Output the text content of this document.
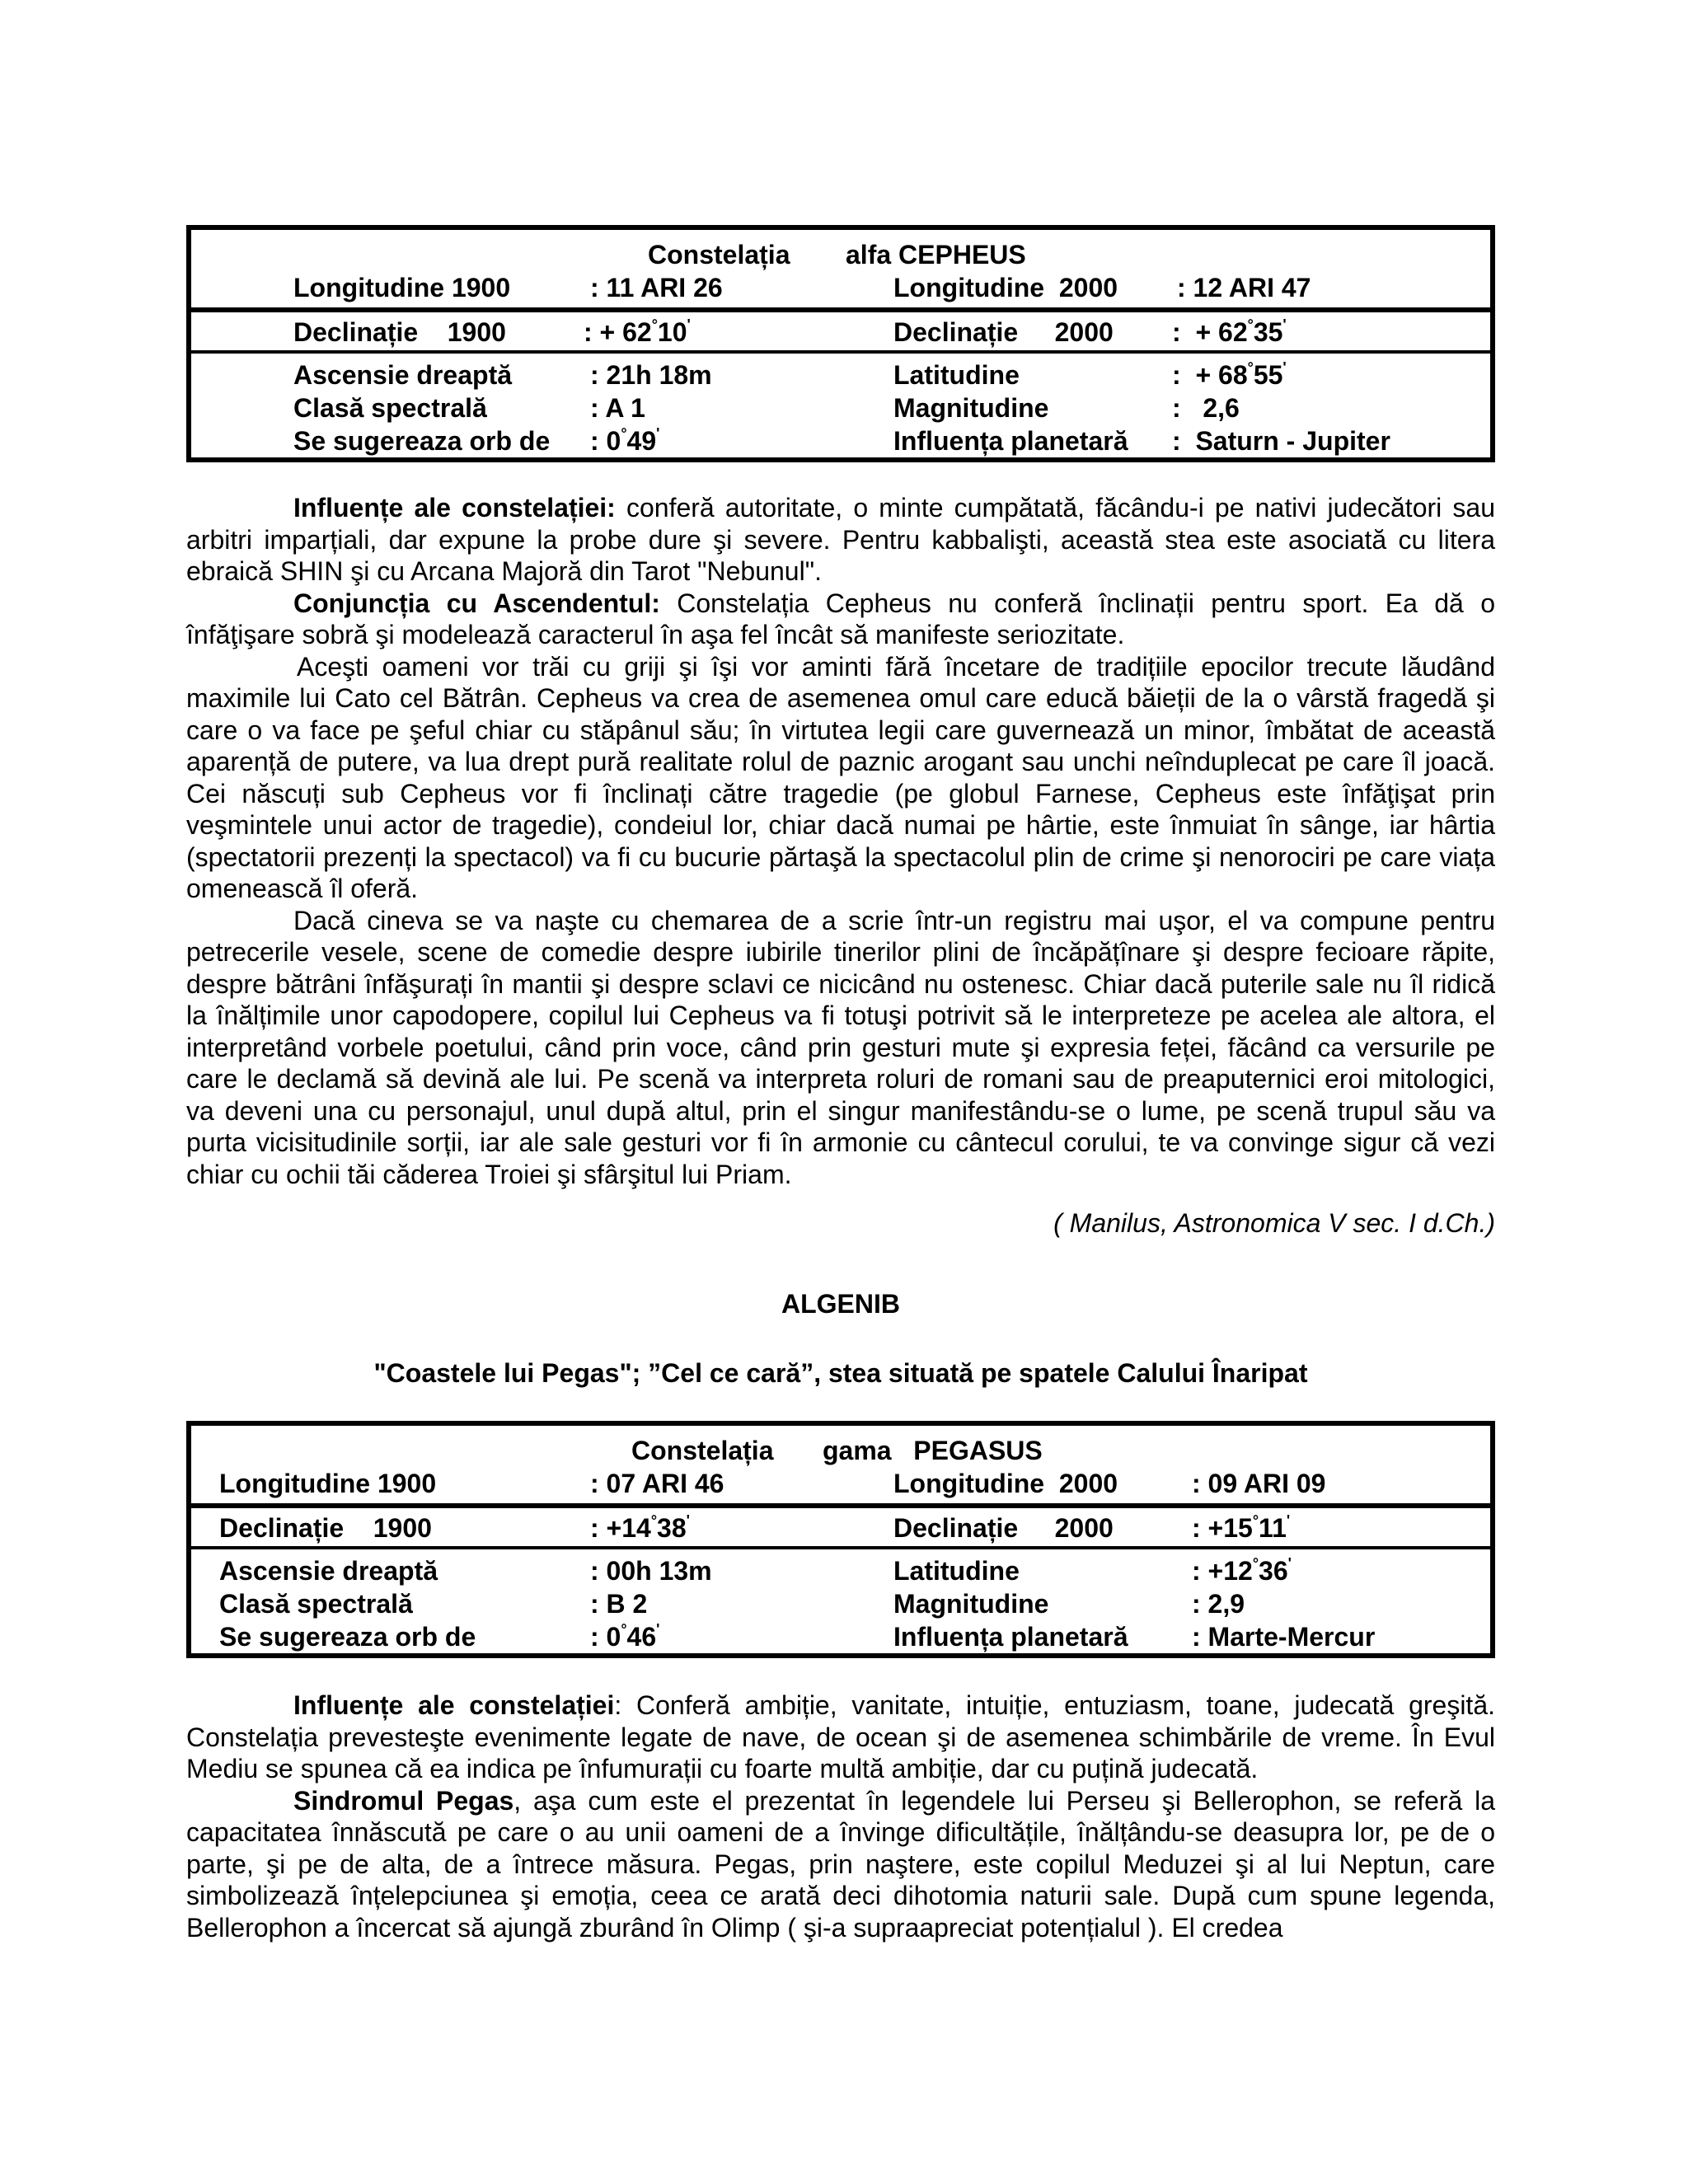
Constelația alfa CEPHEUS
Longitudine 1900	: 11 ARI 26	Longitudine  2000 : 12 ARI 47
Declinație    1900	: + 62°10'	Declinație     2000 :  + 62°35'
Ascensie dreaptă	: 21h 18m	Latitudine	:  + 68°55'
Clasă spectrală	: A 1	Magnitudine	:   2,6
Se sugereaza orb de : 0°49'	Influența planetară :  Saturn - Jupiter

Influențe ale constelației: conferă autoritate, o minte cumpătată, făcându-i pe nativi judecători sau arbitri imparțiali, dar expune la probe dure şi severe. Pentru kabbalişti, această stea este asociată cu litera ebraică SHIN şi cu Arcana Majoră din Tarot "Nebunul".

Conjuncția cu Ascendentul: Constelația Cepheus nu conferă înclinații pentru sport. Ea dă o înfăţişare sobră şi modelează caracterul în aşa fel încât să manifeste seriozitate.

Aceşti oameni vor trăi cu griji şi îşi vor aminti fără încetare de tradițiile epocilor trecute lăudând maximile lui Cato cel Bătrân. Cepheus va crea de asemenea omul care educă băieții de la o vârstă fragedă şi care o va face pe şeful chiar cu stăpânul său; în virtutea legii care guvernează un minor, îmbătat de această aparență de putere, va lua drept pură realitate rolul de paznic arogant sau unchi neînduplecat pe care îl joacă. Cei născuți sub Cepheus vor fi înclinați către tragedie (pe globul Farnese, Cepheus este înfăţişat prin veşmintele unui actor de tragedie), condeiul lor, chiar dacă numai pe hârtie, este înmuiat în sânge, iar hârtia (spectatorii prezenți la spectacol) va fi cu bucurie părtaşă la spectacolul plin de crime şi nenorociri pe care viața omenească îl oferă.

Dacă cineva se va naşte cu chemarea de a scrie într-un registru mai uşor, el va compune pentru petrecerile vesele, scene de comedie despre iubirile tinerilor plini de încăpățînare şi despre fecioare răpite, despre bătrâni înfăşurați în mantii şi despre sclavi ce nicicând nu ostenesc. Chiar dacă puterile sale nu îl ridică la înălțimile unor capodopere, copilul lui Cepheus va fi totuşi potrivit să le interpreteze pe acelea ale altora, el interpretând vorbele poetului, când prin voce, când prin gesturi mute şi expresia feței, făcând ca versurile pe care le declamă să devină ale lui. Pe scenă va interpreta roluri de romani sau de preaputernici eroi mitologici, va deveni una cu personajul, unul după altul, prin el singur manifestându-se o lume, pe scenă trupul său va purta vicisitudinile sorții, iar ale sale gesturi vor fi în armonie cu cântecul corului, te va convinge sigur că vezi chiar cu ochii tăi căderea Troiei şi sfârşitul lui Priam.

( Manilus, Astronomica V sec. I d.Ch.)

ALGENIB

"Coastele lui Pegas"; ”Cel ce cară”, stea situată pe spatele Calului Înaripat

Constelația gama   PEGASUS
Longitudine 1900	: 07 ARI 46	Longitudine  2000	: 09 ARI 09
Declinație    1900	: +14°38'	Declinație     2000	: +15°11'
Ascensie dreaptă	: 00h 13m	Latitudine	: +12°36'
Clasă spectrală	: B 2	Magnitudine	: 2,9
Se sugereaza orb de	: 0°46'	Influența planetară : Marte-Mercur

Influențe ale constelației: Conferă ambiție, vanitate, intuiție, entuziasm, toane, judecată greşită. Constelația prevesteşte evenimente legate de nave, de ocean şi de asemenea schimbările de vreme. În Evul Mediu se spunea că ea indica pe înfumurații cu foarte multă ambiție, dar cu puțină judecată.

Sindromul Pegas, aşa cum este el prezentat în legendele lui Perseu şi Bellerophon, se referă la capacitatea înnăscută pe care o au unii oameni de a învinge dificultățile, înălțându-se deasupra lor, pe de o parte, şi pe de alta, de a întrece măsura. Pegas, prin naştere, este copilul Meduzei şi al lui Neptun, care simbolizează înțelepciunea şi emoția, ceea ce arată deci dihotomia naturii sale. După cum spune legenda, Bellerophon a încercat să ajungă zburând în Olimp ( şi-a supraapreciat potențialul ). El credea
